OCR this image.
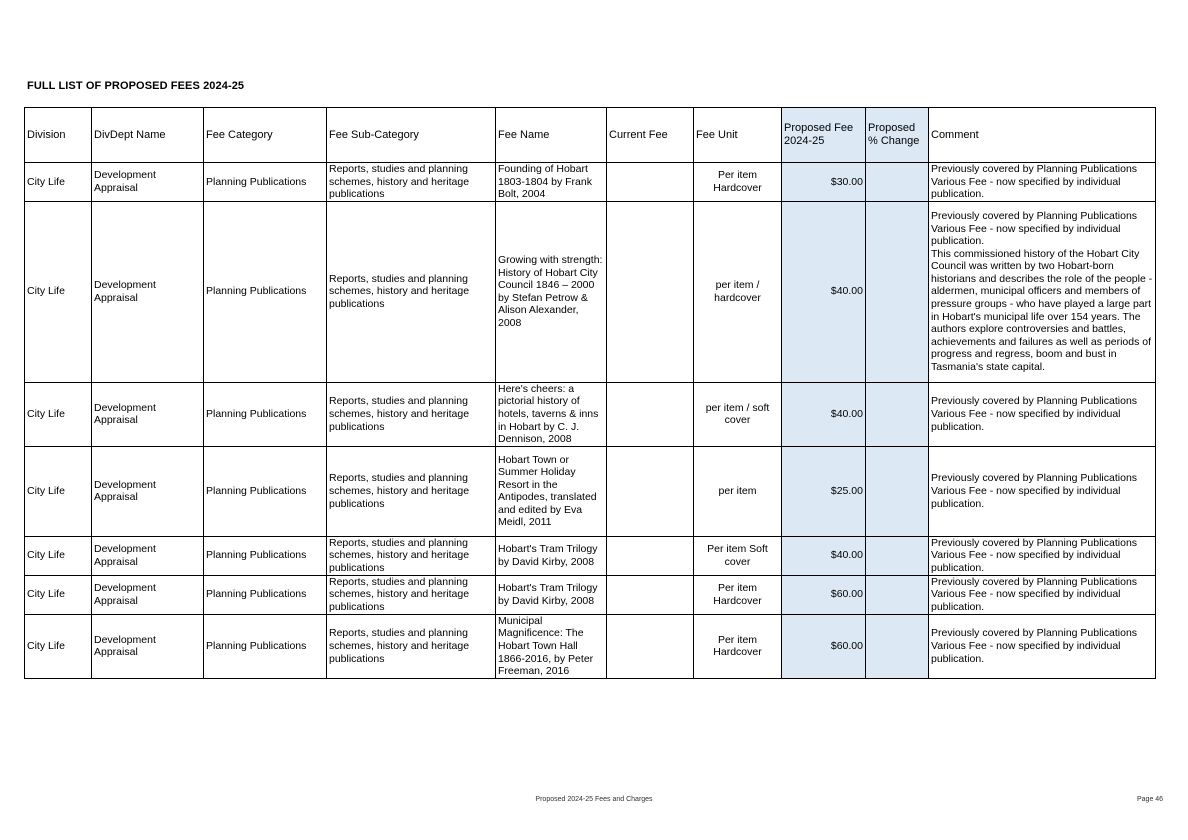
FULL LIST OF PROPOSED FEES 2024-25
Division	DivDept Name	Fee Category	Fee Sub-Category	Fee Name	Current Fee	Fee Unit	Proposed Fee 2024-25	Proposed % Change	Comment
City Life	Development Appraisal	Planning Publications	Reports, studies and planning schemes, history and heritage publications	Founding of Hobart 1803-1804 by Frank Bolt, 2004		Per item Hardcover	$30.00		Previously covered by Planning Publications Various Fee - now specified by individual publication.
City Life	Development Appraisal	Planning Publications	Reports, studies and planning schemes, history and heritage publications	Growing with strength: History of Hobart City Council 1846 – 2000 by Stefan Petrow & Alison Alexander, 2008		per item / hardcover	$40.00		Previously covered by Planning Publications Various Fee - now specified by individual publication.
This commissioned history of the Hobart City Council was written by two Hobart-born historians and describes the role of the people - aldermen, municipal officers and members of pressure groups - who have played a large part in Hobart's municipal life over 154 years. The authors explore controversies and battles, achievements and failures as well as periods of progress and regress, boom and bust in Tasmania's state capital.
City Life	Development Appraisal	Planning Publications	Reports, studies and planning schemes, history and heritage publications	Here's cheers: a pictorial history of hotels, taverns & inns in Hobart by C. J. Dennison, 2008		per item / soft cover	$40.00		Previously covered by Planning Publications Various Fee - now specified by individual publication.
City Life	Development Appraisal	Planning Publications	Reports, studies and planning schemes, history and heritage publications	Hobart Town or Summer Holiday Resort in the Antipodes, translated and edited by Eva Meidl, 2011		per item	$25.00		Previously covered by Planning Publications Various Fee - now specified by individual publication.
City Life	Development Appraisal	Planning Publications	Reports, studies and planning schemes, history and heritage publications	Hobart's Tram Trilogy by David Kirby, 2008		Per item Soft cover	$40.00		Previously covered by Planning Publications Various Fee - now specified by individual publication.
City Life	Development Appraisal	Planning Publications	Reports, studies and planning schemes, history and heritage publications	Hobart's Tram Trilogy by David Kirby, 2008		Per item Hardcover	$60.00		Previously covered by Planning Publications Various Fee - now specified by individual publication.
City Life	Development Appraisal	Planning Publications	Reports, studies and planning schemes, history and heritage publications	Municipal Magnificence: The Hobart Town Hall 1866-2016, by Peter Freeman, 2016		Per item Hardcover	$60.00		Previously covered by Planning Publications Various Fee - now specified by individual publication.
Proposed 2024-25 Fees and Charges	Page 46
